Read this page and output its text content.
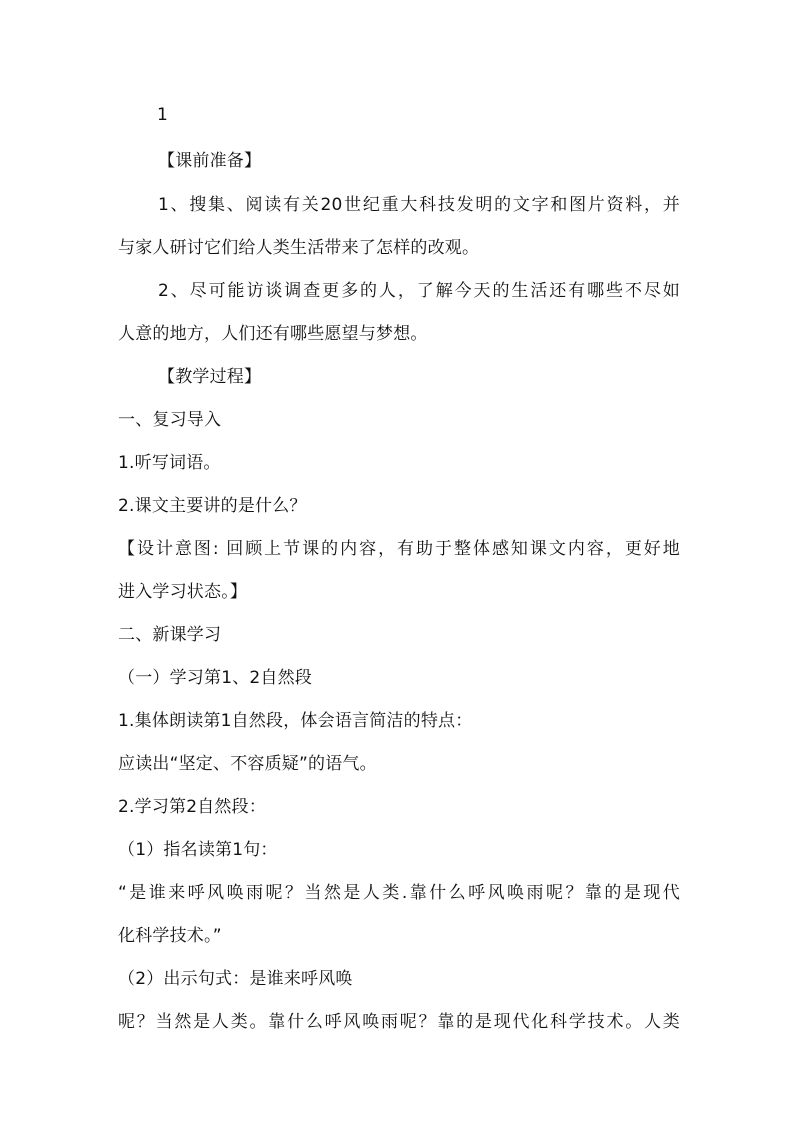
1
【课前准备】
1、搜集、阅读有关20世纪重大科技发明的文字和图片资料，并
与家人研讨它们给人类生活带来了怎样的改观。
2、尽可能访谈调查更多的人，了解今天的生活还有哪些不尽如
人意的地方，人们还有哪些愿望与梦想。
【教学过程】
一、复习导入
1.听写词语。
2.课文主要讲的是什么？
【设计意图: 回顾上节课的内容，有助于整体感知课文内容，更好地
进入学习状态。】
二、新课学习
（一）学习第1、2自然段
1.集体朗读第1自然段，体会语言简洁的特点：
应读出“坚定、不容质疑”的语气。
2.学习第2自然段：
（1）指名读第1句：
“是谁来呼风唤雨呢？当然是人类.靠什么呼风唤雨呢？靠的是现代
化科学技术。”
（2）出示句式：是谁来呼风唤
呢？当然是人类。靠什么呼风唤雨呢？靠的是现代化科学技术。人类
